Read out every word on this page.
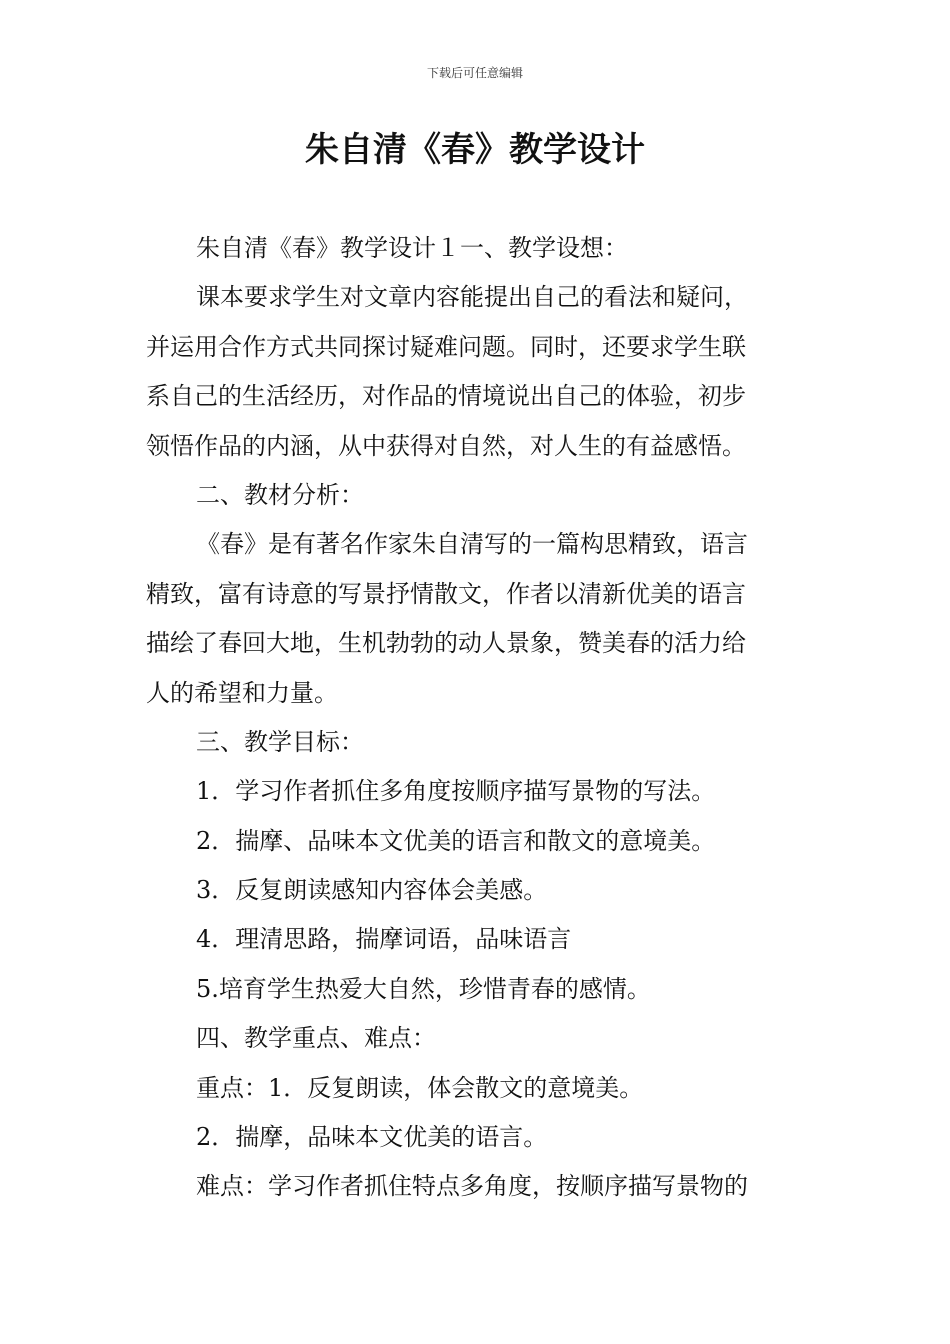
下载后可任意编辑
朱自清《春》教学设计
朱自清《春》教学设计１一、教学设想：
课本要求学生对文章内容能提出自己的看法和疑问，
并运用合作方式共同探讨疑难问题。同时，还要求学生联
系自己的生活经历，对作品的情境说出自己的体验，初步
领悟作品的内涵，从中获得对自然，对人生的有益感悟。
二、教材分析：
《春》是有著名作家朱自清写的一篇构思精致，语言
精致，富有诗意的写景抒情散文，作者以清新优美的语言
描绘了春回大地，生机勃勃的动人景象，赞美春的活力给
人的希望和力量。
三、教学目标：
1．学习作者抓住多角度按顺序描写景物的写法。
2．揣摩、品味本文优美的语言和散文的意境美。
3．反复朗读感知内容体会美感。
4．理清思路，揣摩词语，品味语言
5.培育学生热爱大自然，珍惜青春的感情。
四、教学重点、难点：
重点：1．反复朗读，体会散文的意境美。
2．揣摩，品味本文优美的语言。
难点：学习作者抓住特点多角度，按顺序描写景物的
